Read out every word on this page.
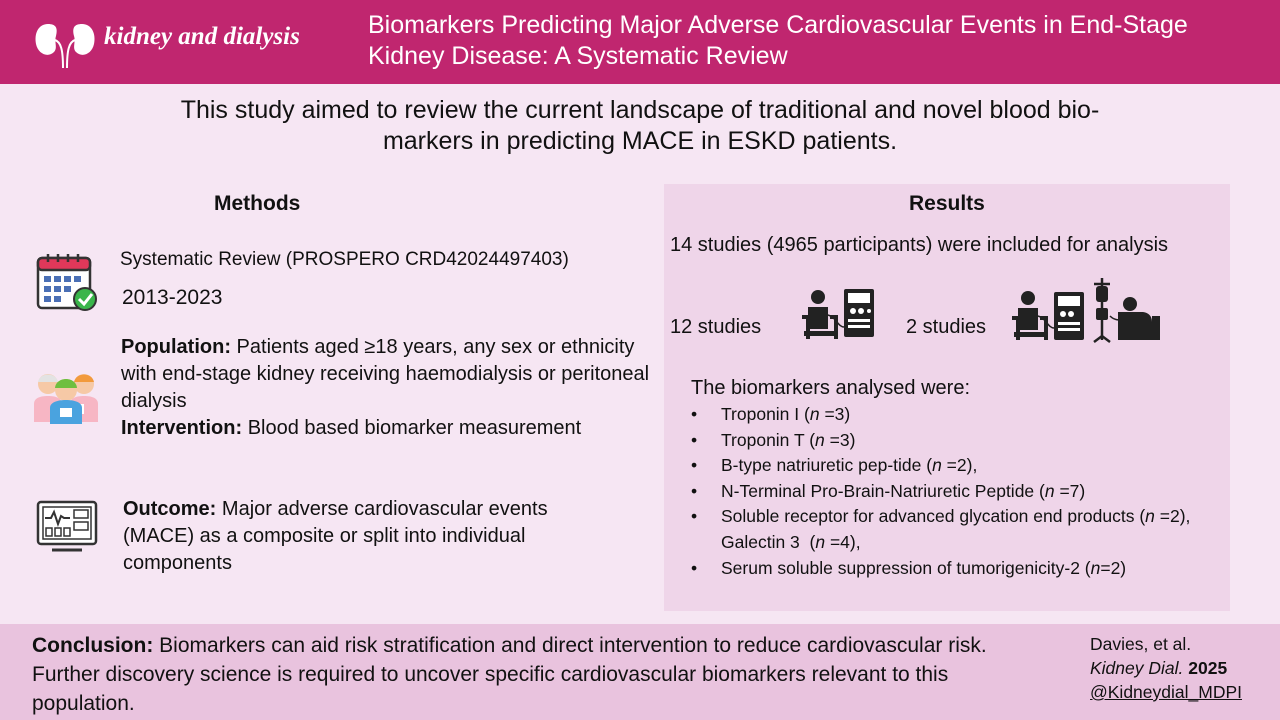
kidney and dialysis	Biomarkers Predicting Major Adverse Cardiovascular Events in End-Stage Kidney Disease: A Systematic Review
This study aimed to review the current landscape of traditional and novel blood bio-markers in predicting MACE in ESKD patients.
Methods
Systematic Review (PROSPERO CRD42024497403)
2013-2023
Population: Patients aged ≥18 years, any sex or ethnicity with end-stage kidney receiving haemodialysis or peritoneal dialysis
Intervention: Blood based biomarker measurement
Outcome: Major adverse cardiovascular events (MACE) as a composite or split into individual components
Results
14 studies (4965 participants) were included for analysis
12 studies	2 studies
The biomarkers analysed were:
• Troponin I (n =3)
• Troponin T (n =3)
• B-type natriuretic pep-tide (n =2),
• N-Terminal Pro-Brain-Natriuretic Peptide (n =7)
• Soluble receptor for advanced glycation end products (n =2),  Galectin 3  (n =4),
• Serum soluble suppression of tumorigenicity-2 (n=2)
Conclusion: Biomarkers can aid risk stratification and direct intervention to reduce cardiovascular risk. Further discovery science is required to uncover specific cardiovascular biomarkers relevant to this population.
Davies, et al.
Kidney Dial. 2025
@Kidneydial_MDPI
